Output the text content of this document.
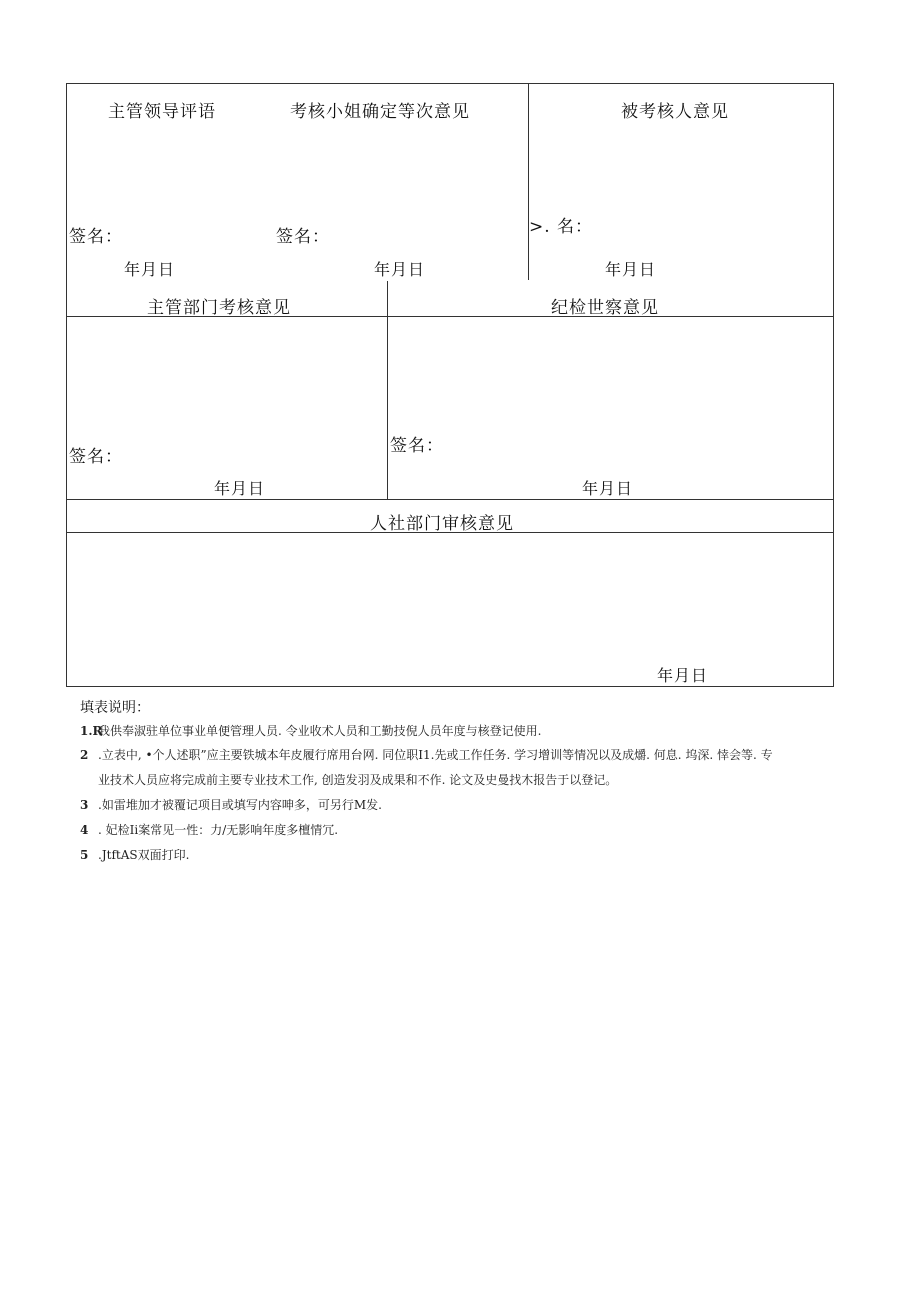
主管领导评语	考核小姐确定等次意见	被考核人意见
签名：	签名：	>. 名：
年月日	年月日	年月日
主管部门考核意见	纪检世察意见
签名：
签名：
年月日	年月日
人社部门审核意见
年月日
填表说明：
1.R我供奉淑驻单位事业单便管理人员. 令业收术人员和工勤技倪人员年度与核登记使用.
2 .立表中, •个人述职”应主要铁城本年皮履行席用台网. 同位职I1.先或工作任务. 学习增训等情况以及成爝. 何息. 坞深. 悻会等. 专
业技术人员应将完成前主要专业技术工作, 创造发羽及成果和不作. 论文及史曼找木报告于以登记。
3 .如雷堆加才被覆记项目或填写内容呻多，可另行M发.
4 . 妃检Ii案常见一性：力/无影响年度多檀情冗.
5 .JtftAS双面打印.
